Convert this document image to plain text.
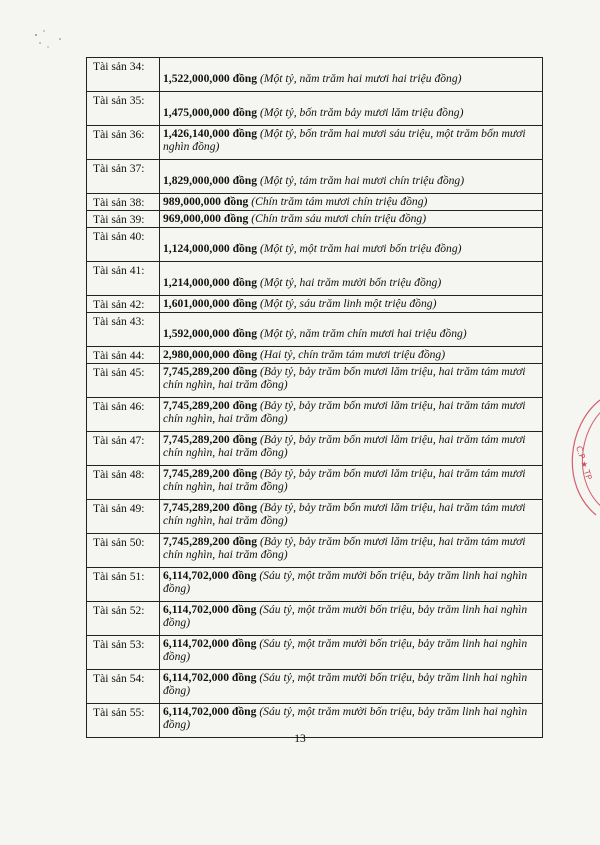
Tài sản 34:	1,522,000,000 đồng (Một tỷ, năm trăm hai mươi hai triệu đồng)
Tài sản 35:	1,475,000,000 đồng (Một tỷ, bốn trăm bảy mươi lăm triệu đồng)
Tài sản 36:	1,426,140,000 đồng (Một tỷ, bốn trăm hai mươi sáu triệu, một trăm bốn mươi nghìn đồng)
Tài sản 37:	1,829,000,000 đồng (Một tỷ, tám trăm hai mươi chín triệu đồng)
Tài sản 38:	989,000,000 đồng (Chín trăm tám mươi chín triệu đồng)
Tài sản 39:	969,000,000 đồng (Chín trăm sáu mươi chín triệu đồng)
Tài sản 40:	1,124,000,000 đồng (Một tỷ, một trăm hai mươi bốn triệu đồng)
Tài sản 41:	1,214,000,000 đồng (Một tỷ, hai trăm mười bốn triệu đồng)
Tài sản 42:	1,601,000,000 đồng (Một tỷ, sáu trăm linh một triệu đồng)
Tài sản 43:	1,592,000,000 đồng (Một tỷ, năm trăm chín mươi hai triệu đồng)
Tài sản 44:	2,980,000,000 đồng (Hai tỷ, chín trăm tám mươi triệu đồng)
Tài sản 45:	7,745,289,200 đồng (Bảy tỷ, bảy trăm bốn mươi lăm triệu, hai trăm tám mươi chín nghìn, hai trăm đồng)
Tài sản 46:	7,745,289,200 đồng (Bảy tỷ, bảy trăm bốn mươi lăm triệu, hai trăm tám mươi chín nghìn, hai trăm đồng)
Tài sản 47:	7,745,289,200 đồng (Bảy tỷ, bảy trăm bốn mươi lăm triệu, hai trăm tám mươi chín nghìn, hai trăm đồng)
Tài sản 48:	7,745,289,200 đồng (Bảy tỷ, bảy trăm bốn mươi lăm triệu, hai trăm tám mươi chín nghìn, hai trăm đồng)
Tài sản 49:	7,745,289,200 đồng (Bảy tỷ, bảy trăm bốn mươi lăm triệu, hai trăm tám mươi chín nghìn, hai trăm đồng)
Tài sản 50:	7,745,289,200 đồng (Bảy tỷ, bảy trăm bốn mươi lăm triệu, hai trăm tám mươi chín nghìn, hai trăm đồng)
Tài sản 51:	6,114,702,000 đồng (Sáu tỷ, một trăm mười bốn triệu, bảy trăm linh hai nghìn đồng)
Tài sản 52:	6,114,702,000 đồng (Sáu tỷ, một trăm mười bốn triệu, bảy trăm linh hai nghìn đồng)
Tài sản 53:	6,114,702,000 đồng (Sáu tỷ, một trăm mười bốn triệu, bảy trăm linh hai nghìn đồng)
Tài sản 54:	6,114,702,000 đồng (Sáu tỷ, một trăm mười bốn triệu, bảy trăm linh hai nghìn đồng)
Tài sản 55:	6,114,702,000 đồng (Sáu tỷ, một trăm mười bốn triệu, bảy trăm linh hai nghìn đồng)
C.P ★ TP
13
